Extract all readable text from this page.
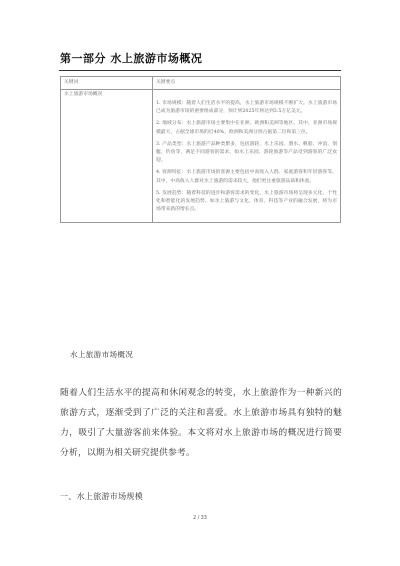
第一部分 水上旅游市场概况
关键词	关键要点
水上旅游市场概况	1. 市场规模：随着人们生活水平的提高，水上旅游市场规模不断扩大。水上旅游市场已成为旅游市场的重要组成部分，预计到2025年将达到3.5万亿美元。
2. 地域分布：水上旅游市场主要集中在亚洲、欧洲和美洲等地区。其中，亚洲市场规模最大，占据全球市场的近40%，欧洲和美洲分别占据第二位和第三位。
3. 产品类型：水上旅游产品种类繁多，包括游轮、水上乐园、潜水、帆船、冲浪、划艇、钓鱼等，满足不同游客的需求，如水上乐园、游轮旅游等产品受到游客的广泛欢迎。
4. 客源特征：水上旅游市场的客源主要包括中高收入人群、家庭游客和年轻游客等。其中，中高收入人群对水上旅游的需求较大，他们更注重旅游品质和体验。
5. 发展趋势：随着科技的进步和游客需求的变化，水上旅游市场将呈现多元化、个性化和智能化的发展趋势。如水上旅游与文化、体育、科技等产业的融合发展，将为市场带来新的增长点。
水上旅游市场概况
随着人们生活水平的提高和休闲观念的转变，水上旅游作为一种新兴的旅游方式，逐渐受到了广泛的关注和喜爱。水上旅游市场具有独特的魅力，吸引了大量游客前来体验。本文将对水上旅游市场的概况进行简要分析，以期为相关研究提供参考。
一、水上旅游市场规模
2 / 33
